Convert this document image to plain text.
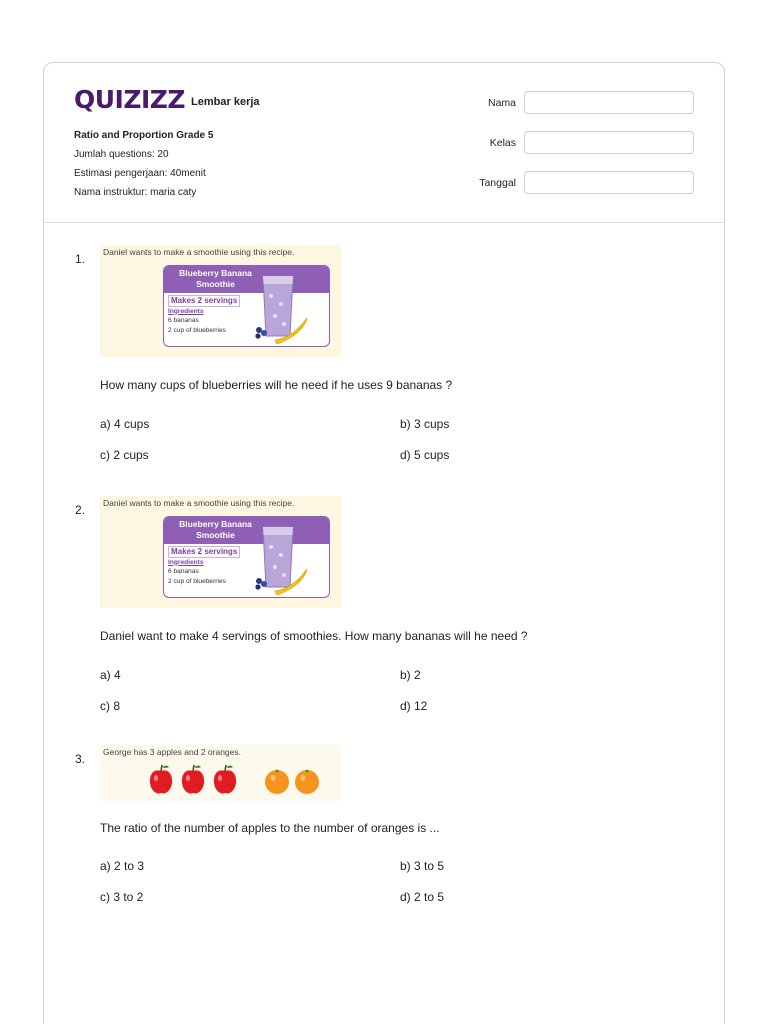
QUIZIZZ Lembar kerja
Ratio and Proportion Grade 5
Jumlah questions: 20
Estimasi pengerjaan: 40menit
Nama instruktur: maria caty
Nama
Kelas
Tanggal
1. Daniel wants to make a smoothie using this recipe.
Blueberry Banana Smoothie
Makes 2 servings
Ingredients
6 bananas
2 cup of blueberries
How many cups of blueberries will he need if he uses 9 bananas ?
a) 4 cups	b) 3 cups
c) 2 cups	d) 5 cups
2. Daniel wants to make a smoothie using this recipe.
Blueberry Banana Smoothie
Makes 2 servings
Ingredients
6 bananas
2 cup of blueberries
Daniel want to make 4 servings of smoothies. How many bananas will he need ?
a) 4	b) 2
c) 8	d) 12
3. George has 3 apples and 2 oranges.
The ratio of the number of apples to the number of oranges is ...
a) 2 to 3	b) 3 to 5
c) 3 to 2	d) 2 to 5
